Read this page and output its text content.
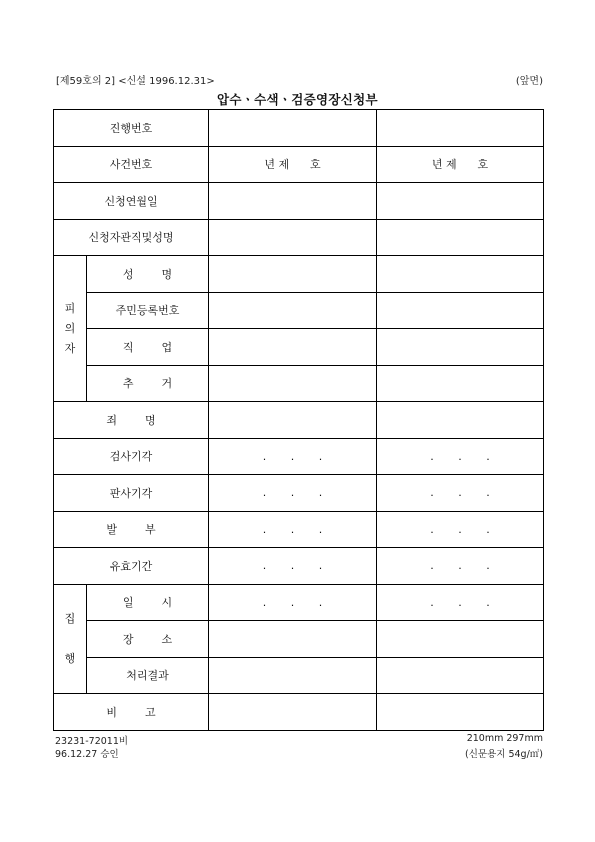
[제59호의 2] <신설 1996.12.31>	(앞면)
압수ㆍ수색ㆍ검증영장신청부
진행번호			
사건번호		년 제      호	년 제      호
신청연월일			
신청자관직및성명			
피
의
자	성        명		
	주민등록번호		
	직        업		
	추        거		
죄        명			
검사기각		.       .       .	.       .       .
판사기각		.       .       .	.       .       .
발        부		.       .       .	.       .       .
유효기간		.       .       .	.       .       .
집

행	일        시	.       .       .	.       .       .
	장        소		
	처리결과		
비        고			
23231-72011비
96.12.27 승인
210mm 297mm
(신문용지 54g/㎡)
